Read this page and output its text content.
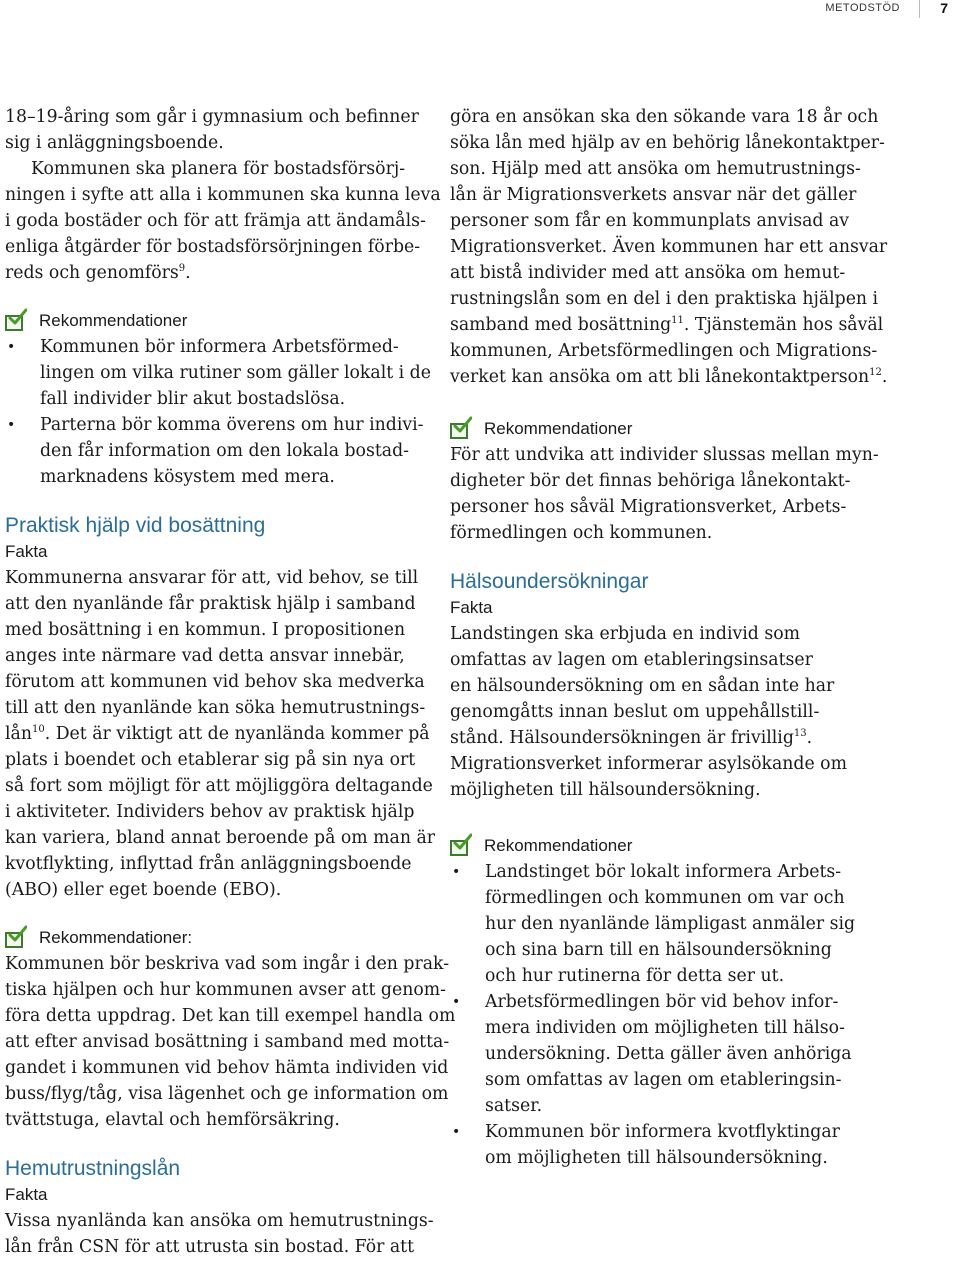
METODSTÖD	7

18–19-åring som går i gymnasium och befinner
sig i anläggningsboende.

Kommunen ska planera för bostadsförsörj-
ningen i syfte att alla i kommunen ska kunna leva
i goda bostäder och för att främja att ändamåls-
enliga åtgärder för bostadsförsörjningen förbe-
reds och genomförs$^9$.

Rekommendationer
• Kommunen bör informera Arbetsförmed-
lingen om vilka rutiner som gäller lokalt i de
fall individer blir akut bostadslösa.
• Parterna bör komma överens om hur indivi-
den får information om den lokala bostad-
marknadens kösystem med mera.
Praktisk hjälp vid bosättning
Fakta

Kommunerna ansvarar för att, vid behov, se till
att den nyanlände får praktisk hjälp i samband
med bosättning i en kommun. I propositionen
anges inte närmare vad detta ansvar innebär,
förutom att kommunen vid behov ska medverka
till att den nyanlände kan söka hemutrustnings-
lån$^{10}$. Det är viktigt att de nyanlända kommer på
plats i boendet och etablerar sig på sin nya ort
så fort som möjligt för att möjliggöra deltagande
i aktiviteter. Individers behov av praktisk hjälp
kan variera, bland annat beroende på om man är
kvotflykting, inflyttad från anläggningsboende
(ABO) eller eget boende (EBO).

Rekommendationer:

Kommunen bör beskriva vad som ingår i den prak-
tiska hjälpen och hur kommunen avser att genom-
föra detta uppdrag. Det kan till exempel handla om
att efter anvisad bosättning i samband med motta-
gandet i kommunen vid behov hämta individen vid
buss/flyg/tåg, visa lägenhet och ge information om
tvättstuga, elavtal och hemförsäkring.

Hemutrustningslån
Fakta

Vissa nyanlända kan ansöka om hemutrustnings-
lån från CSN för att utrusta sin bostad. För att

göra en ansökan ska den sökande vara 18 år och
söka lån med hjälp av en behörig lånekontaktper-
son. Hjälp med att ansöka om hemutrustnings-
lån är Migrationsverkets ansvar när det gäller
personer som får en kommunplats anvisad av
Migrationsverket. Även kommunen har ett ansvar
att bistå individer med att ansöka om hemut-
rustningslån som en del i den praktiska hjälpen i
samband med bosättning$^{11}$. Tjänstemän hos såväl
kommunen, Arbetsförmedlingen och Migrations-
verket kan ansöka om att bli lånekontaktperson$^{12}$.

Rekommendationer

För att undvika att individer slussas mellan myn-
digheter bör det finnas behöriga lånekontakt-
personer hos såväl Migrationsverket, Arbets-
förmedlingen och kommunen.

Hälsoundersökningar
Fakta

Landstingen ska erbjuda en individ som
omfattas av lagen om etableringsinsatser
en hälsoundersökning om en sådan inte har
genomgåtts innan beslut om uppehållstill-
stånd. Hälsoundersökningen är frivillig$^{13}$.
Migrationsverket informerar asylsökande om
möjligheten till hälsoundersökning.

Rekommendationer
• Landstinget bör lokalt informera Arbets-
förmedlingen och kommunen om var och
hur den nyanlände lämpligast anmäler sig
och sina barn till en hälsoundersökning
och hur rutinerna för detta ser ut.
• Arbetsförmedlingen bör vid behov infor-
mera individen om möjligheten till hälso-
undersökning. Detta gäller även anhöriga
som omfattas av lagen om etableringsin-
satser.
• Kommunen bör informera kvotflyktingar
om möjligheten till hälsoundersökning.
